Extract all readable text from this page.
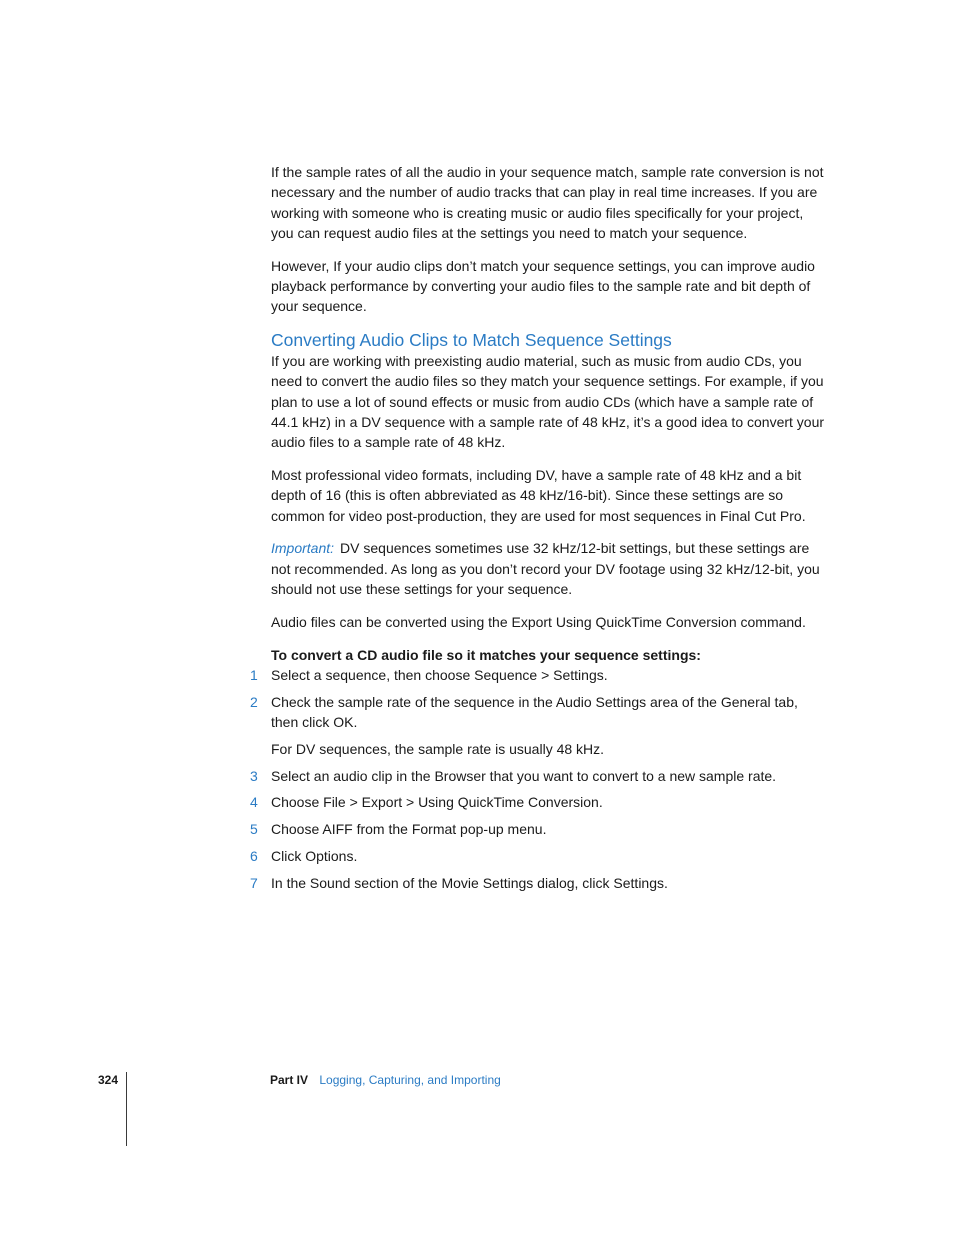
If the sample rates of all the audio in your sequence match, sample rate conversion is not necessary and the number of audio tracks that can play in real time increases. If you are working with someone who is creating music or audio files specifically for your project, you can request audio files at the settings you need to match your sequence.

However, If your audio clips don’t match your sequence settings, you can improve audio playback performance by converting your audio files to the sample rate and bit depth of your sequence.

Converting Audio Clips to Match Sequence Settings

If you are working with preexisting audio material, such as music from audio CDs, you need to convert the audio files so they match your sequence settings. For example, if you plan to use a lot of sound effects or music from audio CDs (which have a sample rate of 44.1 kHz) in a DV sequence with a sample rate of 48 kHz, it’s a good idea to convert your audio files to a sample rate of 48 kHz.

Most professional video formats, including DV, have a sample rate of 48 kHz and a bit depth of 16 (this is often abbreviated as 48 kHz/16-bit). Since these settings are so common for video post-production, they are used for most sequences in Final Cut Pro.

Important: DV sequences sometimes use 32 kHz/12-bit settings, but these settings are not recommended. As long as you don’t record your DV footage using 32 kHz/12-bit, you should not use these settings for your sequence.

Audio files can be converted using the Export Using QuickTime Conversion command.

To convert a CD audio file so it matches your sequence settings:

1 Select a sequence, then choose Sequence > Settings.
2 Check the sample rate of the sequence in the Audio Settings area of the General tab, then click OK.
For DV sequences, the sample rate is usually 48 kHz.
3 Select an audio clip in the Browser that you want to convert to a new sample rate.
4 Choose File > Export > Using QuickTime Conversion.
5 Choose AIFF from the Format pop-up menu.
6 Click Options.
7 In the Sound section of the Movie Settings dialog, click Settings.
324	Part IV Logging, Capturing, and Importing
